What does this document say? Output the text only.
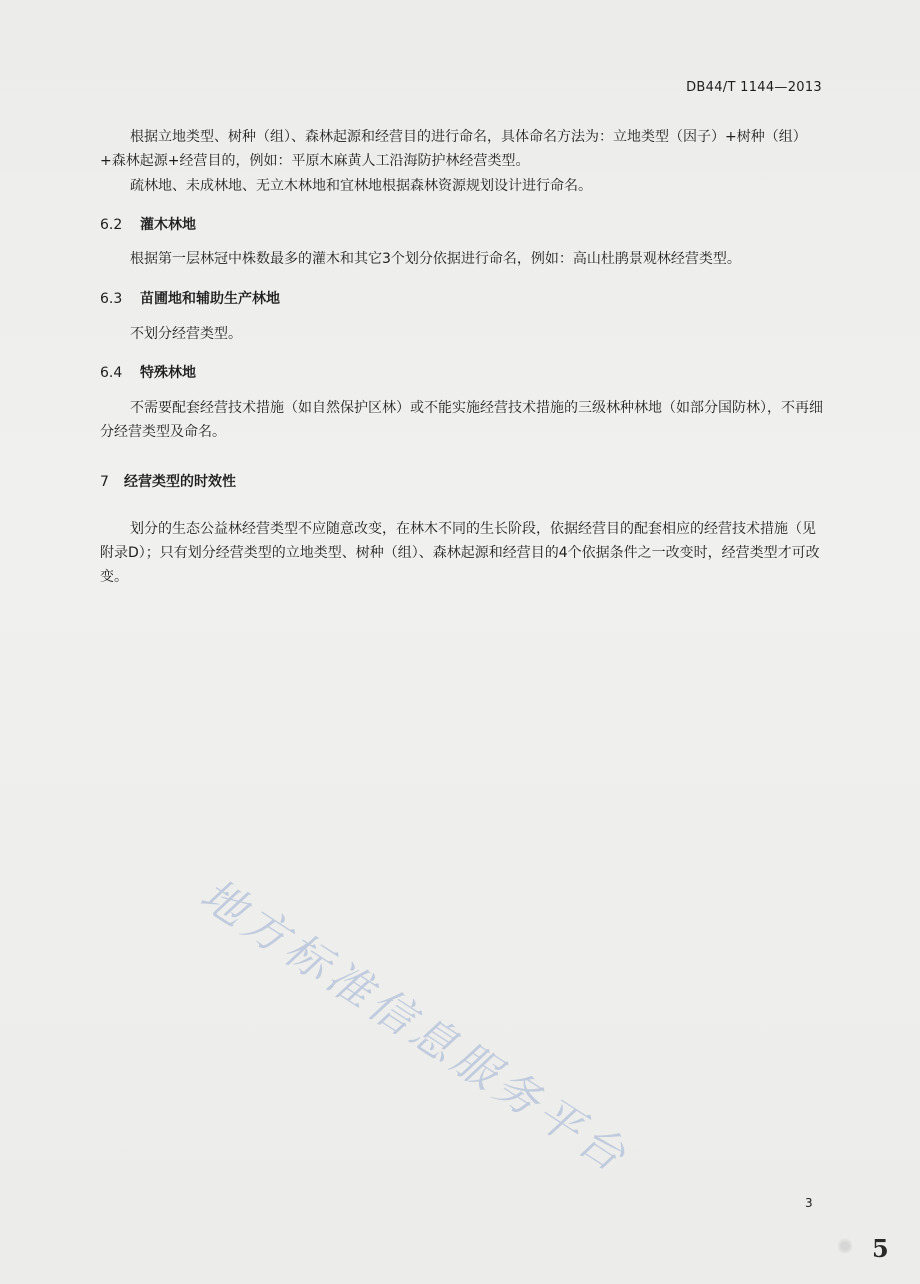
DB44/T 1144—2013

根据立地类型、树种（组）、森林起源和经营目的进行命名，具体命名方法为：立地类型（因子）+树种（组）+森林起源+经营目的，例如：平原木麻黄人工沿海防护林经营类型。

疏林地、未成林地、无立木林地和宜林地根据森林资源规划设计进行命名。

6.2 灌木林地

根据第一层林冠中株数最多的灌木和其它3个划分依据进行命名，例如：高山杜鹃景观林经营类型。

6.3 苗圃地和辅助生产林地

不划分经营类型。

6.4 特殊林地

不需要配套经营技术措施（如自然保护区林）或不能实施经营技术措施的三级林种林地（如部分国防林），不再细分经营类型及命名。

7 经营类型的时效性

划分的生态公益林经营类型不应随意改变，在林木不同的生长阶段，依据经营目的配套相应的经营技术措施（见附录D）；只有划分经营类型的立地类型、树种（组）、森林起源和经营目的4个依据条件之一改变时，经营类型才可改变。

地方标准信息服务平台
3
5
